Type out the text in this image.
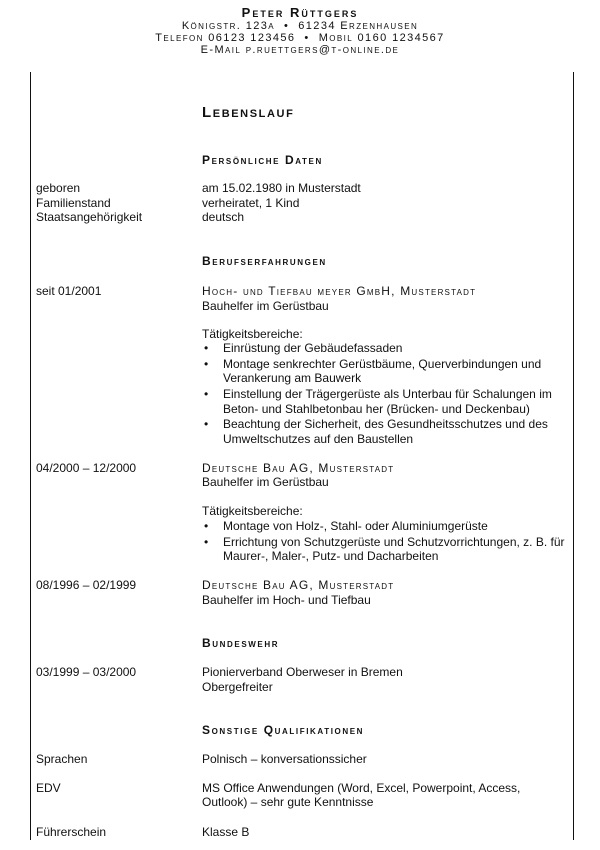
Peter Rüttgers
Königstr. 123a • 61234 Erzenhausen
Telefon 06123 123456 • Mobil 0160 1234567
E-Mail p.ruettgers@t-online.de
Lebenslauf
Persönliche Daten
geboren	am 15.02.1980 in Musterstadt
Familienstand	verheiratet, 1 Kind
Staatsangehörigkeit	deutsch
Berufserfahrungen
seit 01/2001	Hoch- und Tiefbau meyer GmbH, Musterstadt
Bauhelfer im Gerüstbau
Tätigkeitsbereiche:
• Einrüstung der Gebäudefassaden
• Montage senkrechter Gerüstbäume, Querverbindungen und Verankerung am Bauwerk
• Einstellung der Trägergerüste als Unterbau für Schalungen im Beton- und Stahlbetonbau her (Brücken- und Deckenbau)
• Beachtung der Sicherheit, des Gesundheitsschutzes und des Umweltschutzes auf den Baustellen
04/2000 – 12/2000	Deutsche Bau AG, Musterstadt
Bauhelfer im Gerüstbau
Tätigkeitsbereiche:
• Montage von Holz-, Stahl- oder Aluminiumgerüste
• Errichtung von Schutzgerüste und Schutzvorrichtungen, z. B. für Maurer-, Maler-, Putz- und Dacharbeiten
08/1996 – 02/1999	Deutsche Bau AG, Musterstadt
Bauhelfer im Hoch- und Tiefbau
Bundeswehr
03/1999 – 03/2000	Pionierverband Oberweser in Bremen
Obergefreiter
Sonstige Qualifikationen
Sprachen	Polnisch – konversationssicher
EDV	MS Office Anwendungen (Word, Excel, Powerpoint, Access, Outlook) – sehr gute Kenntnisse
Führerschein	Klasse B
